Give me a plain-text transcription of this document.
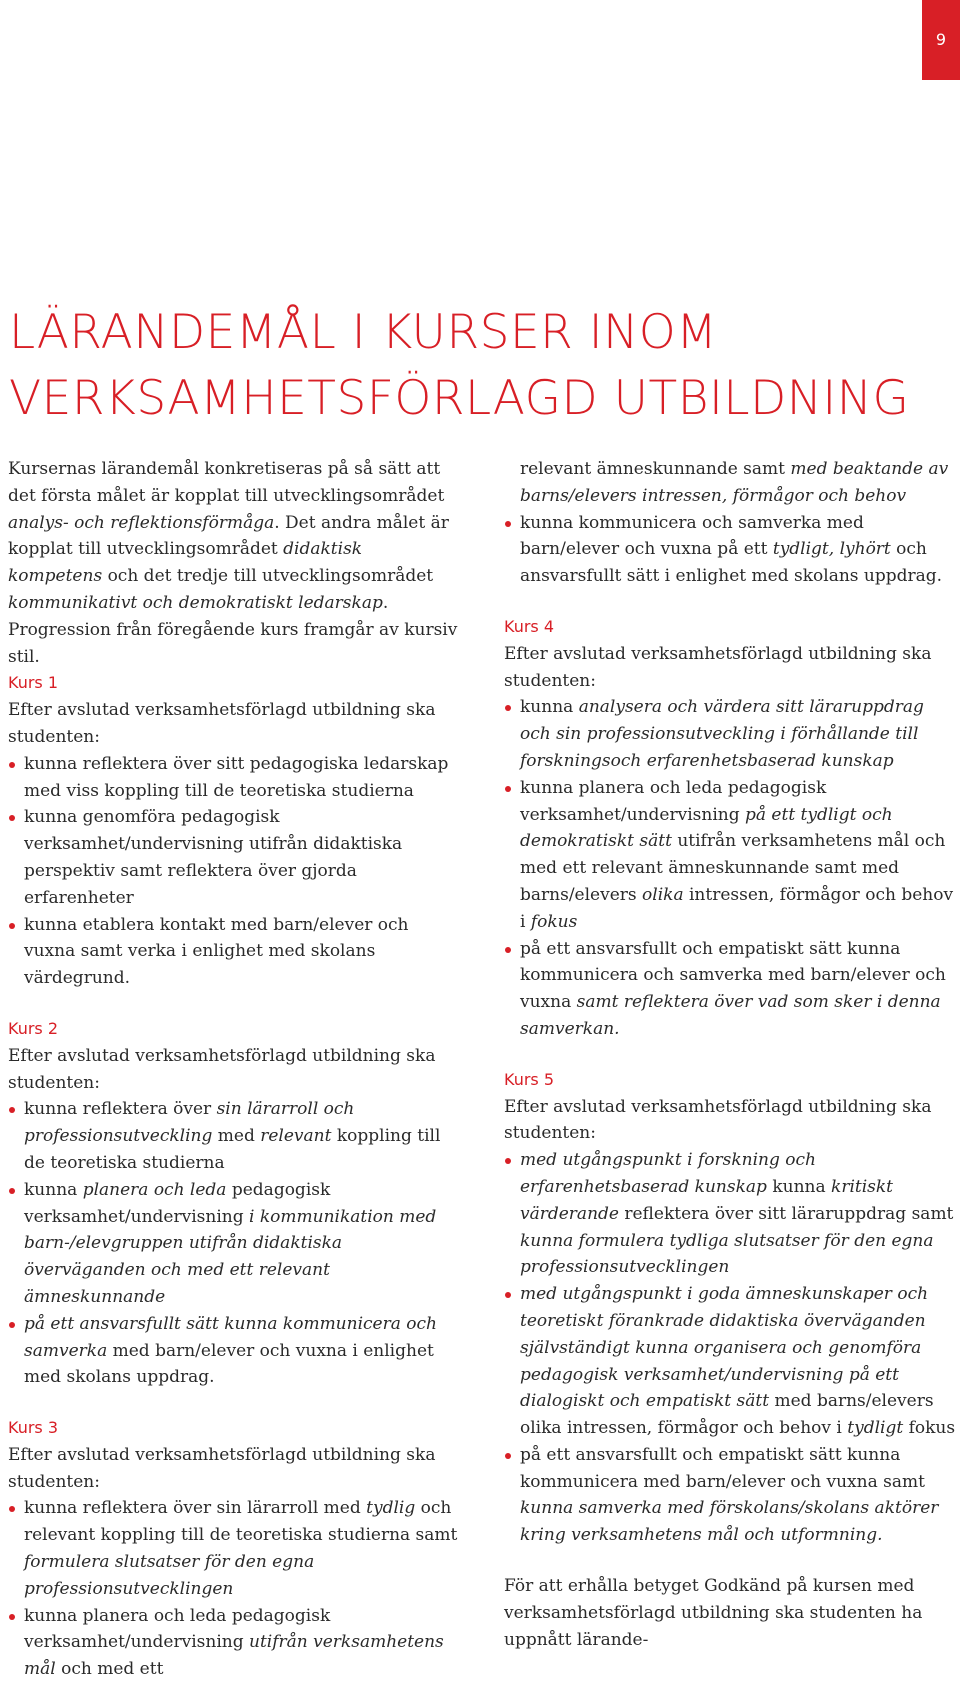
9
LÄRANDEMÅL I KURSER INOM
VERKSAMHETSFÖRLAGD UTBILDNING

Kursernas lärandemål konkretiseras på så sätt att det första målet är kopplat till utvecklingsområdet analys- och reflektionsförmåga. Det andra målet är kopplat till utvecklingsområdet didaktisk kompetens och det tredje till utvecklingsområdet kommunikativt och demokratiskt ledarskap. Progression från föregående kurs framgår av kursiv stil.

Kurs 1

Efter avslutad verksamhetsförlagd utbildning ska studenten:

kunna reflektera över sitt pedagogiska ledarskap med viss koppling till de teoretiska studierna
kunna genomföra pedagogisk verksamhet/undervisning utifrån didaktiska perspektiv samt reflektera över gjorda erfarenheter
kunna etablera kontakt med barn/elever och vuxna samt verka i enlighet med skolans värdegrund.

Kurs 2

Efter avslutad verksamhetsförlagd utbildning ska studenten:

kunna reflektera över sin lärarroll och professionsutveckling med relevant koppling till de teoretiska studierna
kunna planera och leda pedagogisk verksamhet/undervisning i kommunikation med barn-/elevgruppen utifrån didaktiska överväganden och med ett relevant ämneskunnande
på ett ansvarsfullt sätt kunna kommunicera och samverka med barn/elever och vuxna i enlighet med skolans uppdrag.

Kurs 3

Efter avslutad verksamhetsförlagd utbildning ska studenten:

kunna reflektera över sin lärarroll med tydlig och relevant koppling till de teoretiska studierna samt formulera slutsatser för den egna professionsutvecklingen
kunna planera och leda pedagogisk verksamhet/undervisning utifrån verksamhetens mål och med ett

relevant ämneskunnande samt med beaktande av barns/elevers intressen, förmågor och behov

kunna kommunicera och samverka med barn/elever och vuxna på ett tydligt, lyhört och ansvarsfullt sätt i enlighet med skolans uppdrag.

Kurs 4

Efter avslutad verksamhetsförlagd utbildning ska studenten:

kunna analysera och värdera sitt läraruppdrag och sin professionsutveckling i förhållande till forskningsoch erfarenhetsbaserad kunskap
kunna planera och leda pedagogisk verksamhet/undervisning på ett tydligt och demokratiskt sätt utifrån verksamhetens mål och med ett relevant ämneskunnande samt med barns/elevers olika intressen, förmågor och behov i fokus
på ett ansvarsfullt och empatiskt sätt kunna kommunicera och samverka med barn/elever och vuxna samt reflektera över vad som sker i denna samverkan.

Kurs 5

Efter avslutad verksamhetsförlagd utbildning ska studenten:

med utgångspunkt i forskning och erfarenhetsbaserad kunskap kunna kritiskt värderande reflektera över sitt läraruppdrag samt kunna formulera tydliga slutsatser för den egna professionsutvecklingen
med utgångspunkt i goda ämneskunskaper och teoretiskt förankrade didaktiska överväganden självständigt kunna organisera och genomföra pedagogisk verksamhet/undervisning på ett dialogiskt och empatiskt sätt med barns/elevers olika intressen, förmågor och behov i tydligt fokus
på ett ansvarsfullt och empatiskt sätt kunna kommunicera med barn/elever och vuxna samt kunna samverka med förskolans/skolans aktörer kring verksamhetens mål och utformning.

För att erhålla betyget Godkänd på kursen med verksamhetsförlagd utbildning ska studenten ha uppnått lärande-
